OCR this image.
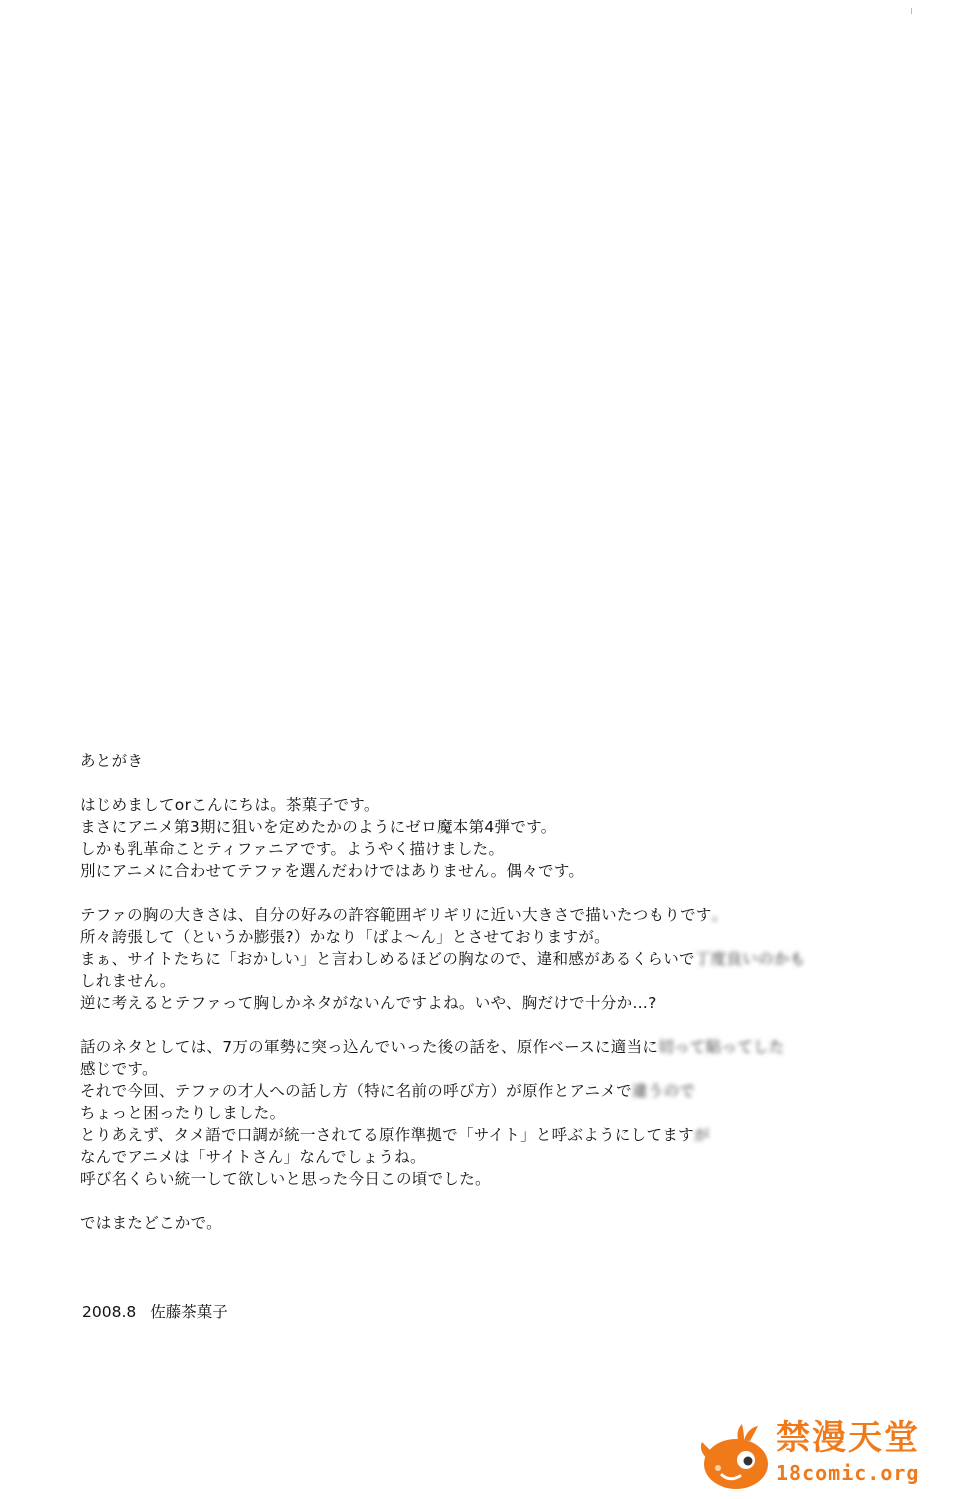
あとがき
はじめましてorこんにちは。茶菓子です。
まさにアニメ第3期に狙いを定めたかのようにゼロ魔本第4弾です。
しかも乳革命ことティファニアです。ようやく描けました。
別にアニメに合わせてテファを選んだわけではありません。偶々です。
テファの胸の大きさは、自分の好みの許容範囲ギリギリに近い大きさで描いたつもりです。
所々誇張して（というか膨張?）かなり「ばよ～ん」とさせておりますが。
まぁ、サイトたちに「おかしい」と言わしめるほどの胸なので、違和感があるくらいで丁度良いのかも
しれません。
逆に考えるとテファって胸しかネタがないんですよね。いや、胸だけで十分か…?
話のネタとしては、7万の軍勢に突っ込んでいった後の話を、原作ベースに適当に切って貼ってした
感じです。
それで今回、テファの才人への話し方（特に名前の呼び方）が原作とアニメで違うので
ちょっと困ったりしました。
とりあえず、タメ語で口調が統一されてる原作準拠で「サイト」と呼ぶようにしてますが
なんでアニメは「サイトさん」なんでしょうね。
呼び名くらい統一して欲しいと思った今日この頃でした。
ではまたどこかで。
2008.8 佐藤茶菓子
禁漫天堂
18comic.org
